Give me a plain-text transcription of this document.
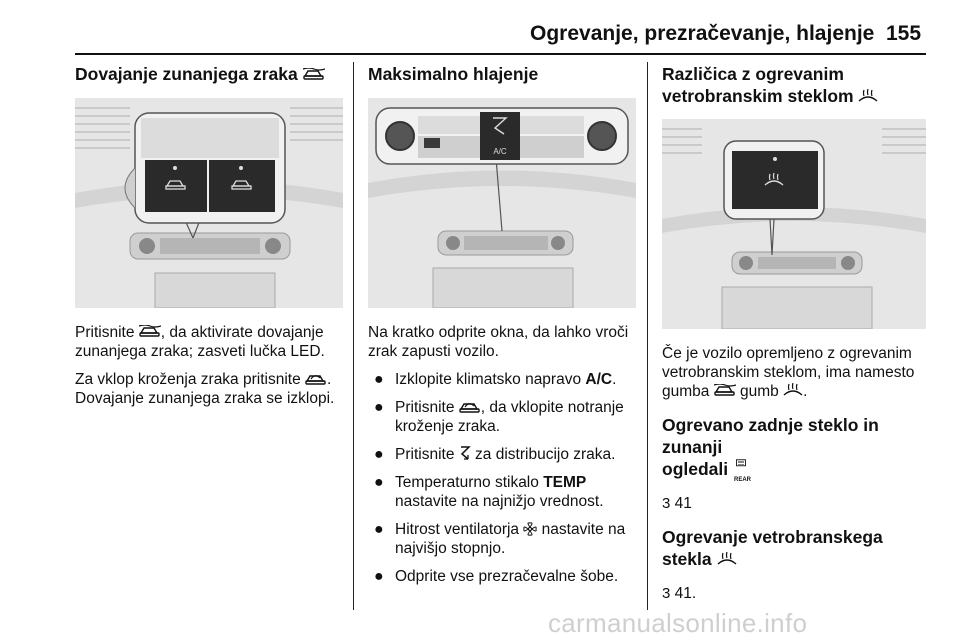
Ogrevanje, prezračevanje, hlajenje 155
Dovajanje zunanjega zraka

Pritisnite , da aktivirate dovajanje zunanjega zraka; zasveti lučka LED.

Za vklop kroženja zraka pritisnite . Dovajanje zunanjega zraka se izklopi.

Maksimalno hlajenje
A/C

Na kratko odprite okna, da lahko vroči zrak zapusti vozilo.

● Izklopite klimatsko napravo A/C.
● Pritisnite , da vklopite notranje kroženje zraka.
● Pritisnite  za distribucijo zraka.
● Temperaturno stikalo TEMP nastavite na najnižjo vrednost.
● Hitrost ventilatorja  nastavite na najvišjo stopnjo.
● Odprite vse prezračevalne šobe.
Različica z ogrevanim
vetrobranskim steklom

Če je vozilo opremljeno z ogrevanim vetrobranskim steklom, ima namesto gumba  gumb .

Ogrevano zadnje steklo in zunanji
ogledali
REAR

3 41

Ogrevanje vetrobranskega
stekla

3 41.

carmanualsonline.info
